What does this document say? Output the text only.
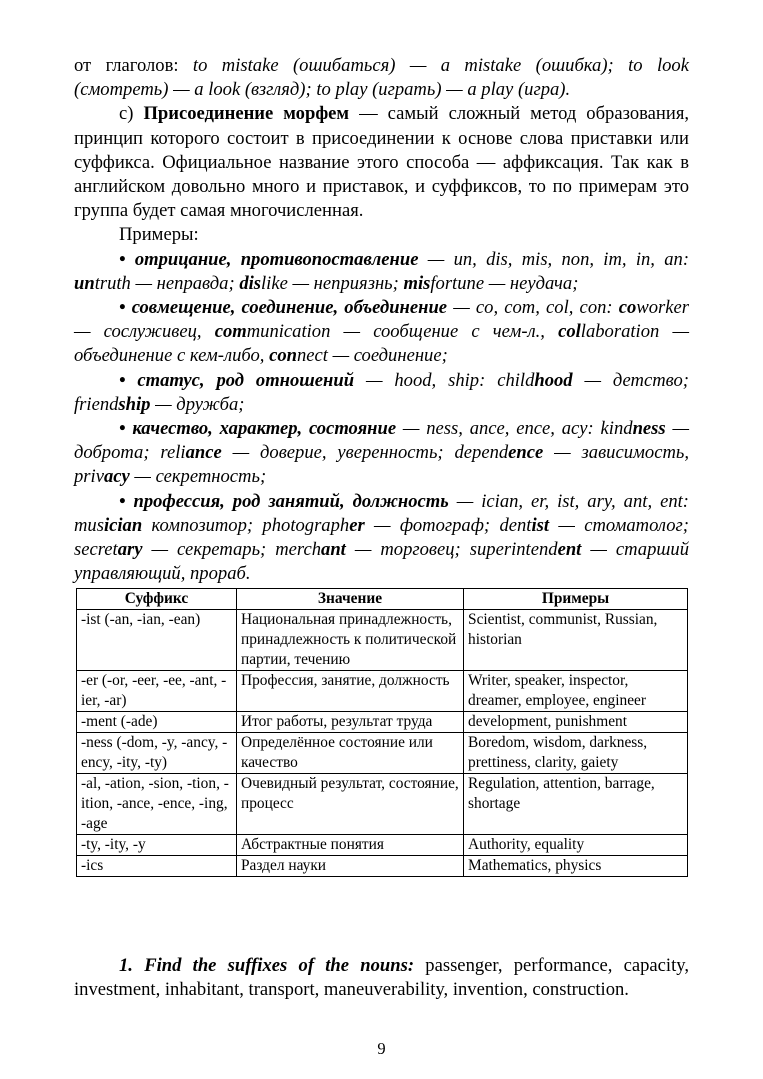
от глаголов: to mistake (ошибаться) — a mistake (ошибка); to look (смотреть) — a look (взгляд); to play (играть) — a play (игра).

c) Присоединение морфем — самый сложный метод образования, принцип которого состоит в присоединении к основе слова приставки или суффикса. Официальное название этого способа — аффиксация. Так как в английском довольно много и приставок, и суффиксов, то по примерам это группа будет самая многочисленная.

Примеры:

• отрицание, противопоставление — un, dis, mis, non, im, in, an: untruth — неправда; dislike — неприязнь; misfortune — неудача;

• совмещение, соединение, объединение — co, com, col, con: coworker — сослуживец, communication — сообщение с чем-л., collaboration — объединение с кем-либо, connect — соединение;

• статус, род отношений — hood, ship: childhood — детство; friendship — дружба;

• качество, характер, состояние — ness, ance, ence, acy: kindness — доброта; reliance — доверие, уверенность; dependence — зависимость, privacy — секретность;

• профессия, род занятий, должность — ician, er, ist, ary, ant, ent: musician композитор; photographer — фотограф; dentist — стоматолог; secretary — секретарь; merchant — торговец; superintendent — старший управляющий, прораб.

Суффикс	Значение	Примеры
-ist (-an, -ian, -ean)	Национальная принадлежность, принадлежность к политической партии, течению	Scientist, communist, Russian, historian
-er (-or, -eer, -ee, -ant, -ier, -ar)	Профессия, занятие, должность	Writer, speaker, inspector, dreamer, employee, engineer
-ment (-ade)	Итог работы, результат труда	development, punishment
-ness (-dom, -y, -ancy, -ency, -ity, -ty)	Определённое состояние или качество	Boredom, wisdom, darkness, prettiness, clarity, gaiety
-al, -ation, -sion, -tion, -ition, -ance, -ence, -ing, -age	Очевидный результат, состояние, процесс	Regulation, attention, barrage, shortage
-ty, -ity, -y	Абстрактные понятия	Authority, equality
-ics	Раздел науки	Mathematics, physics

1. Find the suffixes of the nouns: passenger, performance, capacity, investment, inhabitant, transport, maneuverability, invention, construction.

9
